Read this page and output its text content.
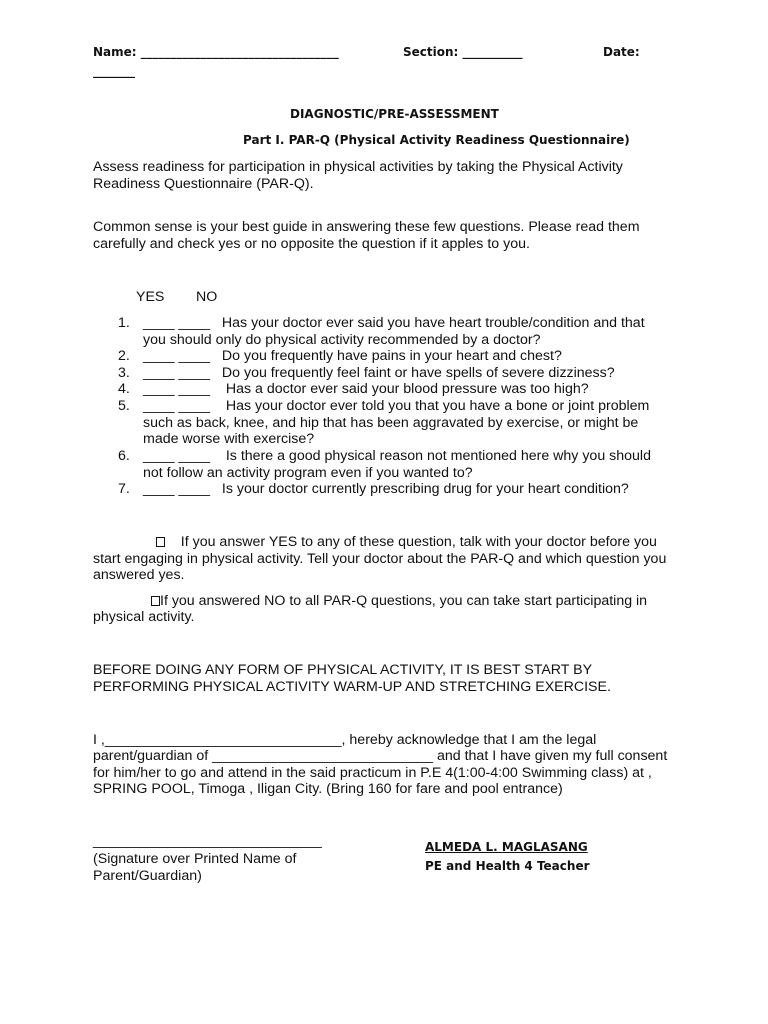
Name: _________________________________	Section: __________	Date:
_______
DIAGNOSTIC/PRE-ASSESSMENT
Part I. PAR-Q (Physical Activity Readiness Questionnaire)
Assess readiness for participation in physical activities by taking the Physical Activity
Readiness Questionnaire (PAR-Q).
Common sense is your best guide in answering these few questions. Please read them
carefully and check yes or no opposite the question if it apples to you.
YES NO
1. ____ ____ Has your doctor ever said you have heart trouble/condition and that
you should only do physical activity recommended by a doctor?
2. ____ ____ Do you frequently have pains in your heart and chest?
3. ____ ____ Do you frequently feel faint or have spells of severe dizziness?
4. ____ ____    Has a doctor ever said your blood pressure was too high?
5. ____ ____    Has your doctor ever told you that you have a bone or joint problem
such as back, knee, and hip that has been aggravated by exercise, or might be made worse with exercise?
6. ____ ____    Is there a good physical reason not mentioned here why you should
not follow an activity program even if you wanted to?
7. ____ ____ Is your doctor currently prescribing drug for your heart condition?
If you answer YES to any of these question, talk with your doctor before you
start engaging in physical activity. Tell your doctor about the PAR-Q and which question you
answered yes.
If you answered NO to all PAR-Q questions, you can take start participating in
physical activity.
BEFORE DOING ANY FORM OF PHYSICAL ACTIVITY, IT IS BEST START BY
PERFORMING PHYSICAL ACTIVITY WARM-UP AND STRETCHING EXERCISE.
I ,______________________________, hereby acknowledge that I am the legal
parent/guardian of ____________________________ and that I have given my full consent
for him/her to go and attend in the said practicum in P.E 4(1:00-4:00 Swimming class) at ,
SPRING POOL, Timoga , Iligan City. (Bring 160 for fare and pool entrance)
_____________________________
(Signature over Printed Name of
Parent/Guardian)
ALMEDA L. MAGLASANG
PE and Health 4 Teacher
